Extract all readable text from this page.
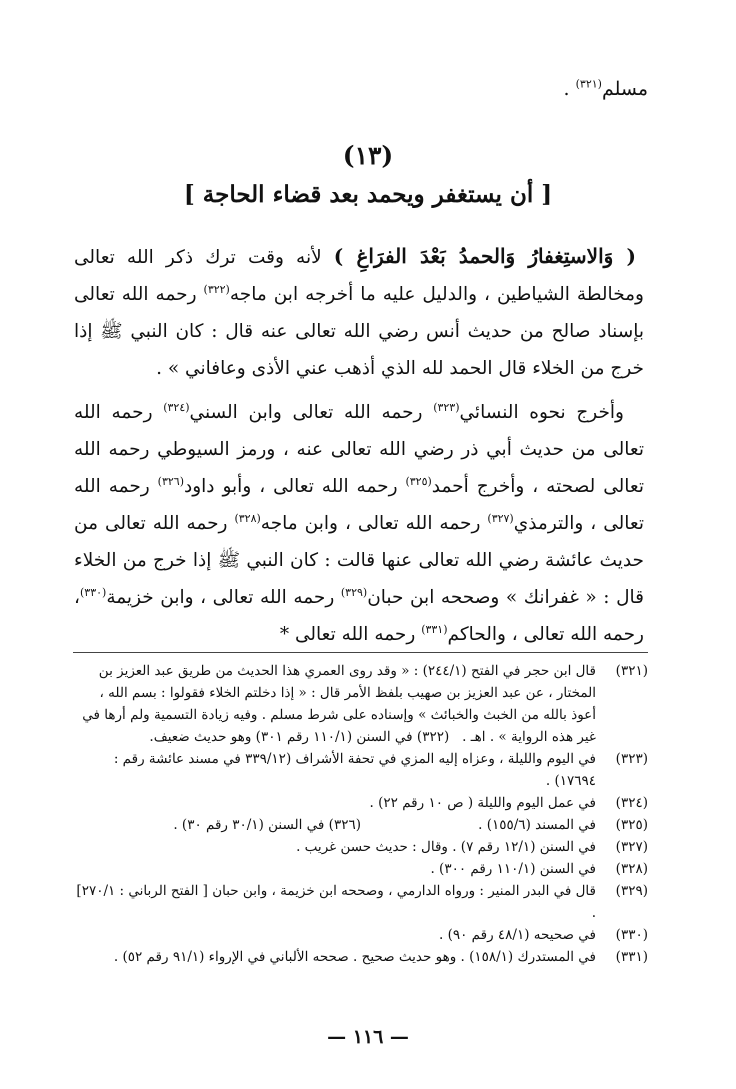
مسلم$^{(٣٢١)}$ .
(١٣)
[ أن يستغفر ويحمد بعد قضاء الحاجة ]

( وَالاستِغفارُ وَالحمدُ بَعْدَ الفرَاغِ ) لأنه وقت ترك ذكر الله تعالى ومخالطة الشياطين ، والدليل عليه ما أخرجه ابن ماجه$^{(٣٢٢)}$ رحمه الله تعالى بإسناد صالح من حديث أنس رضي الله تعالى عنه قال : كان النبي ﷺ إذا خرج من الخلاء قال الحمد لله الذي أذهب عني الأذى وعافاني » .

وأخرج نحوه النسائي$^{(٣٢٣)}$ رحمه الله تعالى وابن السني$^{(٣٢٤)}$ رحمه الله تعالى من حديث أبي ذر رضي الله تعالى عنه ، ورمز السيوطي رحمه الله تعالى لصحته ، وأخرج أحمد$^{(٣٢٥)}$ رحمه الله تعالى ، وأبو داود$^{(٣٢٦)}$ رحمه الله تعالى ، والترمذي$^{(٣٢٧)}$ رحمه الله تعالى ، وابن ماجه$^{(٣٢٨)}$ رحمه الله تعالى من حديث عائشة رضي الله تعالى عنها قالت : كان النبي ﷺ إذا خرج من الخلاء قال : « غفرانك » وصححه ابن حبان$^{(٣٢٩)}$ رحمه الله تعالى ، وابن خزيمة$^{(٣٣٠)}$، رحمه الله تعالى ، والحاكم$^{(٣٣١)}$ رحمه الله تعالى *

(٣٢١)
قال ابن حجر في الفتح (٢٤٤/١) : « وقد روى العمري هذا الحديث من طريق عبد العزيز بن المختار ، عن عبد العزيز بن صهيب بلفظ الأمر قال : « إذا دخلتم الخلاء فقولوا : بسم الله ، أعوذ بالله من الخبث والخبائث » وإسناده على شرط مسلم . وفيه زيادة التسمية ولم أرها في غير هذه الرواية » . اهـ .   (٣٢٢) في السنن (١١٠/١ رقم ٣٠١) وهو حديث ضعيف.
(٣٢٣)
في اليوم والليلة ، وعزاه إليه المزي في تحفة الأشراف (٣٣٩/١٢ في مسند عائشة رقم : ١٧٦٩٤) .
(٣٢٤)
في عمل اليوم والليلة ( ص ١٠ رقم ٢٢) .
(٣٢٥)
في المسند (١٥٥/٦) .(٣٢٦) في السنن (٣٠/١ رقم ٣٠) .
(٣٢٧)
في السنن (١٢/١ رقم ٧) . وقال : حديث حسن غريب .
(٣٢٨)
في السنن (١١٠/١ رقم ٣٠٠) .
(٣٢٩)
قال في البدر المنير : ورواه الدارمي ، وصححه ابن خزيمة ، وابن حبان [ الفتح الرباني : ٢٧٠/١] .
(٣٣٠)
في صحيحه (٤٨/١ رقم ٩٠) .
(٣٣١)
في المستدرك (١٥٨/١) . وهو حديث صحيح . صححه الألباني في الإرواء (٩١/١ رقم ٥٢) .
— ١١٦ —
